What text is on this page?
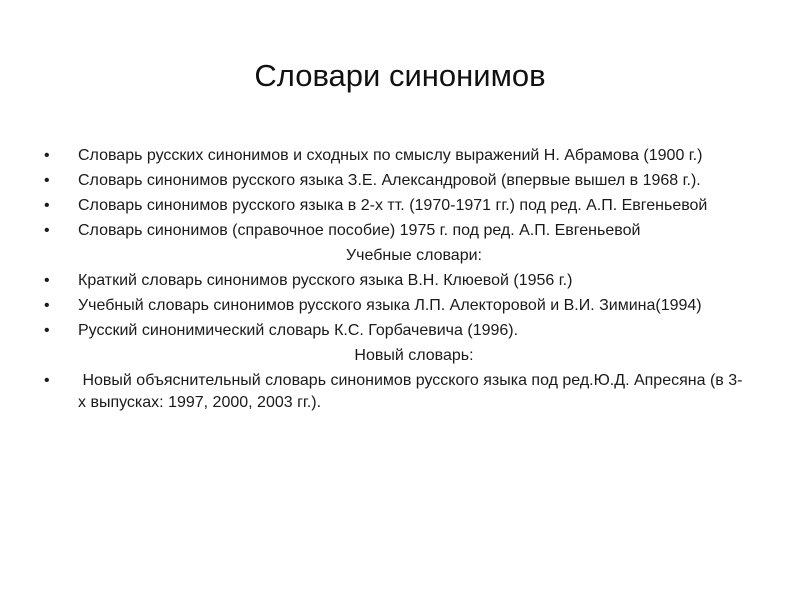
Словари синонимов
•	Словарь русских синонимов и сходных по смыслу выражений Н. Абрамова (1900 г.)
•	Словарь синонимов русского языка З.Е. Александровой (впервые вышел в 1968 г.).
•	Словарь синонимов русского языка в 2-х тт. (1970-1971 гг.) под ред. А.П. Евгеньевой
•	Словарь синонимов (справочное пособие) 1975 г. под ред. А.П. Евгеньевой
Учебные словари:
•	Краткий словарь синонимов русского языка В.Н. Клюевой (1956 г.)
•	Учебный словарь синонимов русского языка Л.П. Алекторовой и В.И. Зимина(1994)
•	Русский синонимический словарь К.С. Горбачевича (1996).
Новый словарь:
•	Новый объяснительный словарь синонимов русского языка под ред.Ю.Д. Апресяна (в 3-х выпусках: 1997, 2000, 2003 гг.).
